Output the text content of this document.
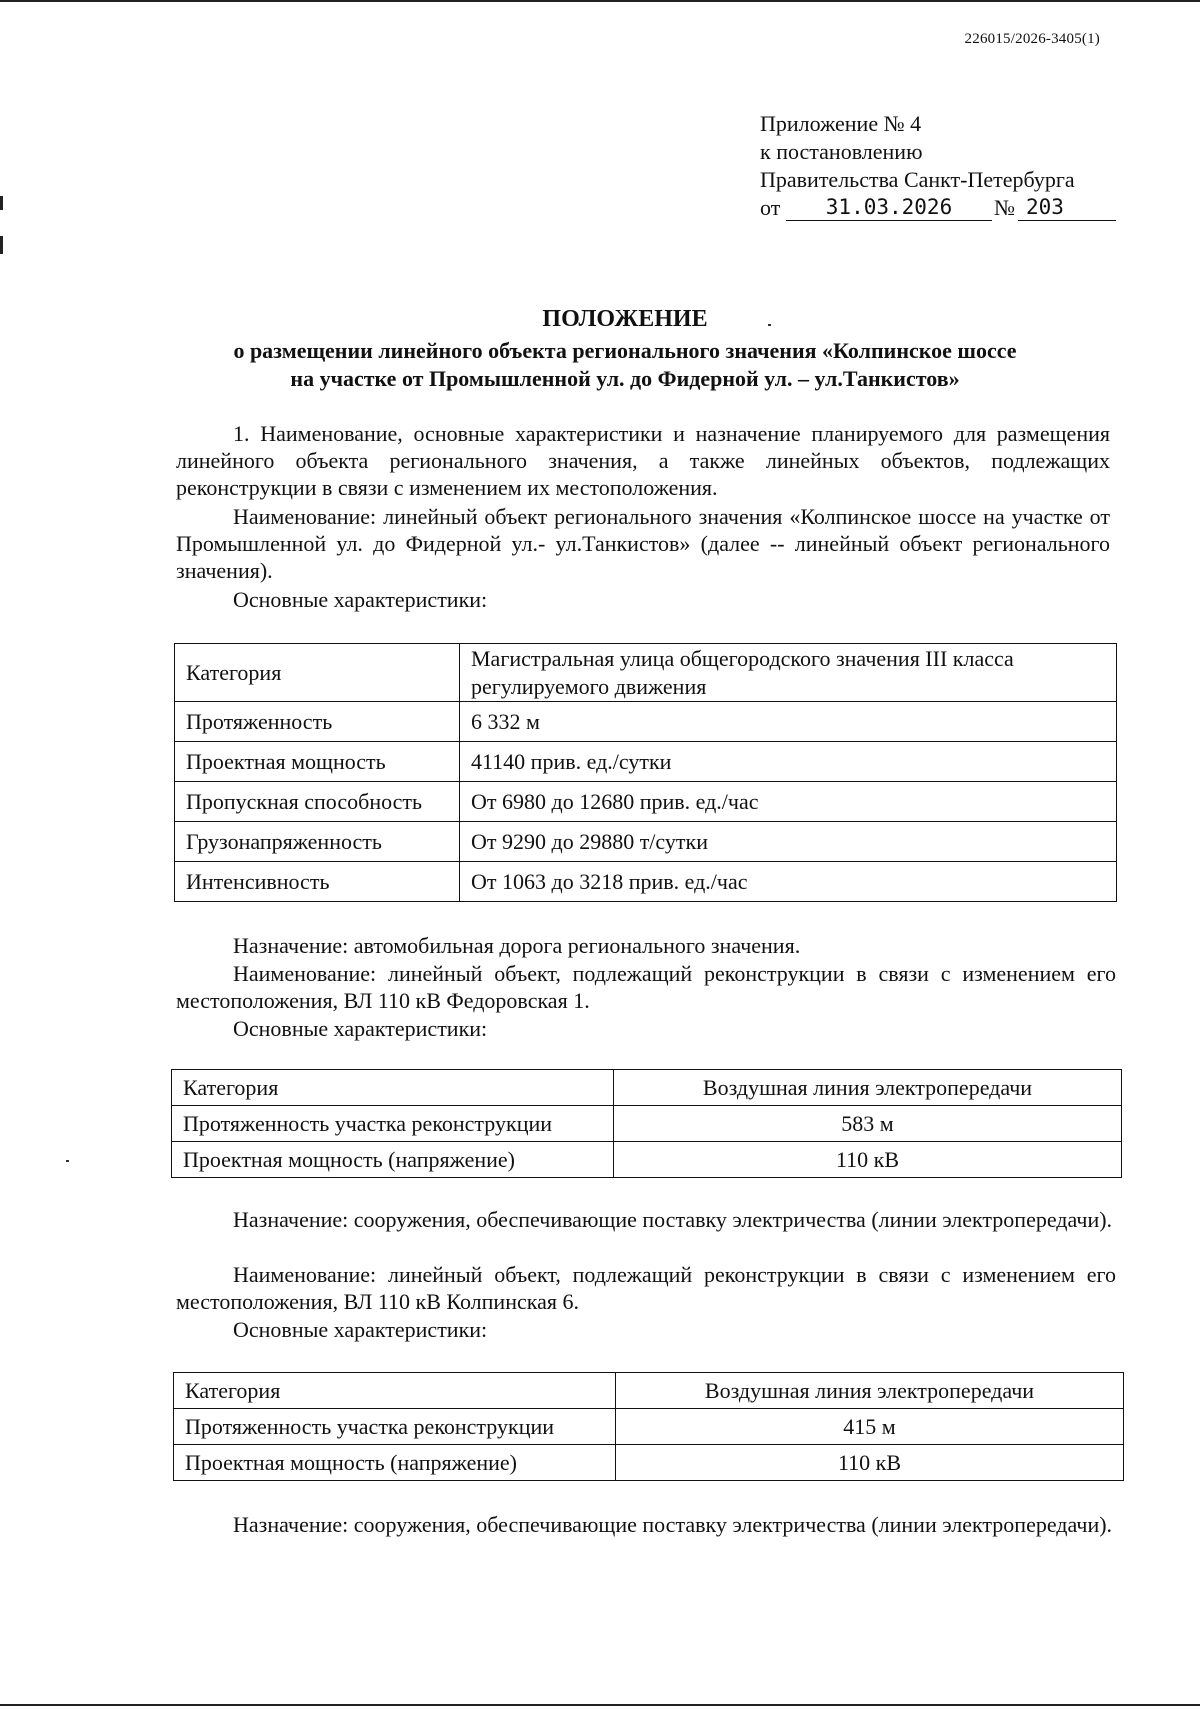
226015/2026-3405(1)
Приложение № 4
к постановлению
Правительства Санкт-Петербурга
от	31.03.2026	№ 203
ПОЛОЖЕНИЕ
о размещении линейного объекта регионального значения «Колпинское шоссе
на участке от Промышленной ул. до Фидерной ул. – ул.Танкистов»
1. Наименование, основные характеристики и назначение планируемого для размещения линейного объекта регионального значения, а также линейных объектов, подлежащих реконструкции в связи с изменением их местоположения.
Наименование: линейный объект регионального значения «Колпинское шоссе на участке от Промышленной ул. до Фидерной ул.- ул.Танкистов» (далее -- линейный объект регионального значения).
Основные характеристики:
Категория	Магистральная улица общегородского значения III класса регулируемого движения
Протяженность	6 332 м
Проектная мощность	41140 прив. ед./сутки
Пропускная способность	От 6980 до 12680 прив. ед./час
Грузонапряженность	От 9290 до 29880 т/сутки
Интенсивность	От 1063 до 3218 прив. ед./час
Назначение: автомобильная дорога регионального значения.
Наименование: линейный объект, подлежащий реконструкции в связи с изменением его местоположения, ВЛ 110 кВ Федоровская 1.
Основные характеристики:
Категория	Воздушная линия электропередачи
Протяженность участка реконструкции	583 м
Проектная мощность (напряжение)	110 кВ
Назначение: сооружения, обеспечивающие поставку электричества (линии электропередачи).
Наименование: линейный объект, подлежащий реконструкции в связи с изменением его местоположения, ВЛ 110 кВ Колпинская 6.
Основные характеристики:
Категория	Воздушная линия электропередачи
Протяженность участка реконструкции	415 м
Проектная мощность (напряжение)	110 кВ
Назначение: сооружения, обеспечивающие поставку электричества (линии электропередачи).
